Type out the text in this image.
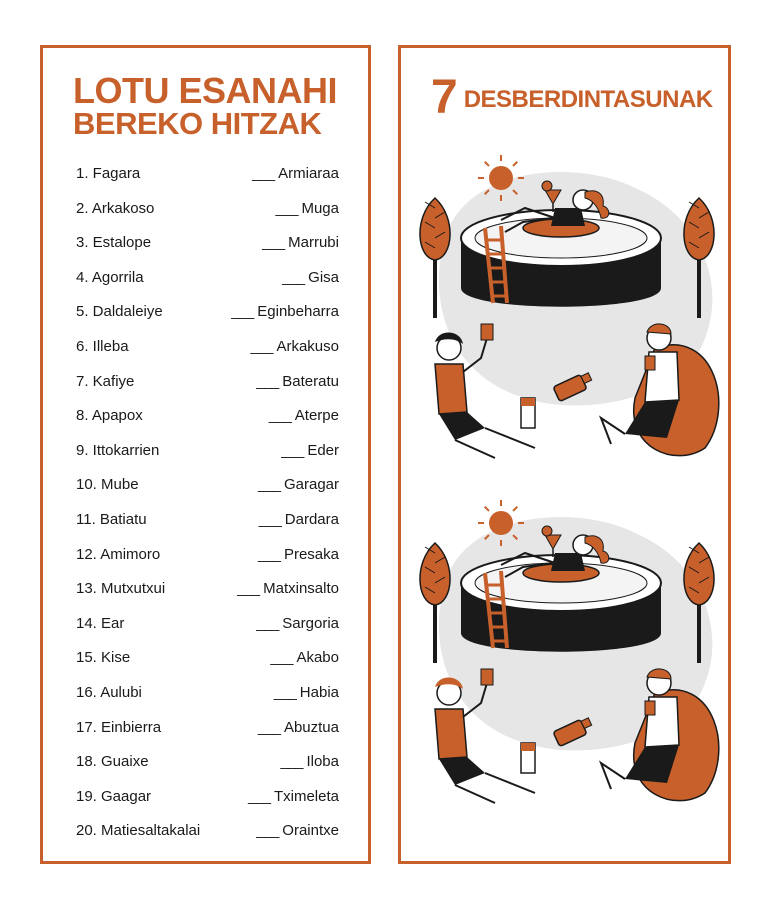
LOTU ESANAHI
BEREKO HITZAK
1. Fagara	___ Armiaraa
2. Arkakoso	___ Muga
3. Estalope	___ Marrubi
4. Agorrila	___ Gisa
5. Daldaleiye	___ Eginbeharra
6. Illeba	___ Arkakuso
7. Kafiye	___ Bateratu
8. Apapox	___ Aterpe
9. Ittokarrien	___ Eder
10. Mube	___ Garagar
11. Batiatu	___ Dardara
12. Amimoro	___ Presaka
13. Mutxutxui	___ Matxinsalto
14. Ear	___ Sargoria
15. Kise	___ Akabo
16. Aulubi	___ Habia
17. Einbierra	___ Abuztua
18. Guaixe	___ Iloba
19. Gaagar	___ Tximeleta
20. Matiesaltakalai	___ Oraintxe
7 DESBERDINTASUNAK
